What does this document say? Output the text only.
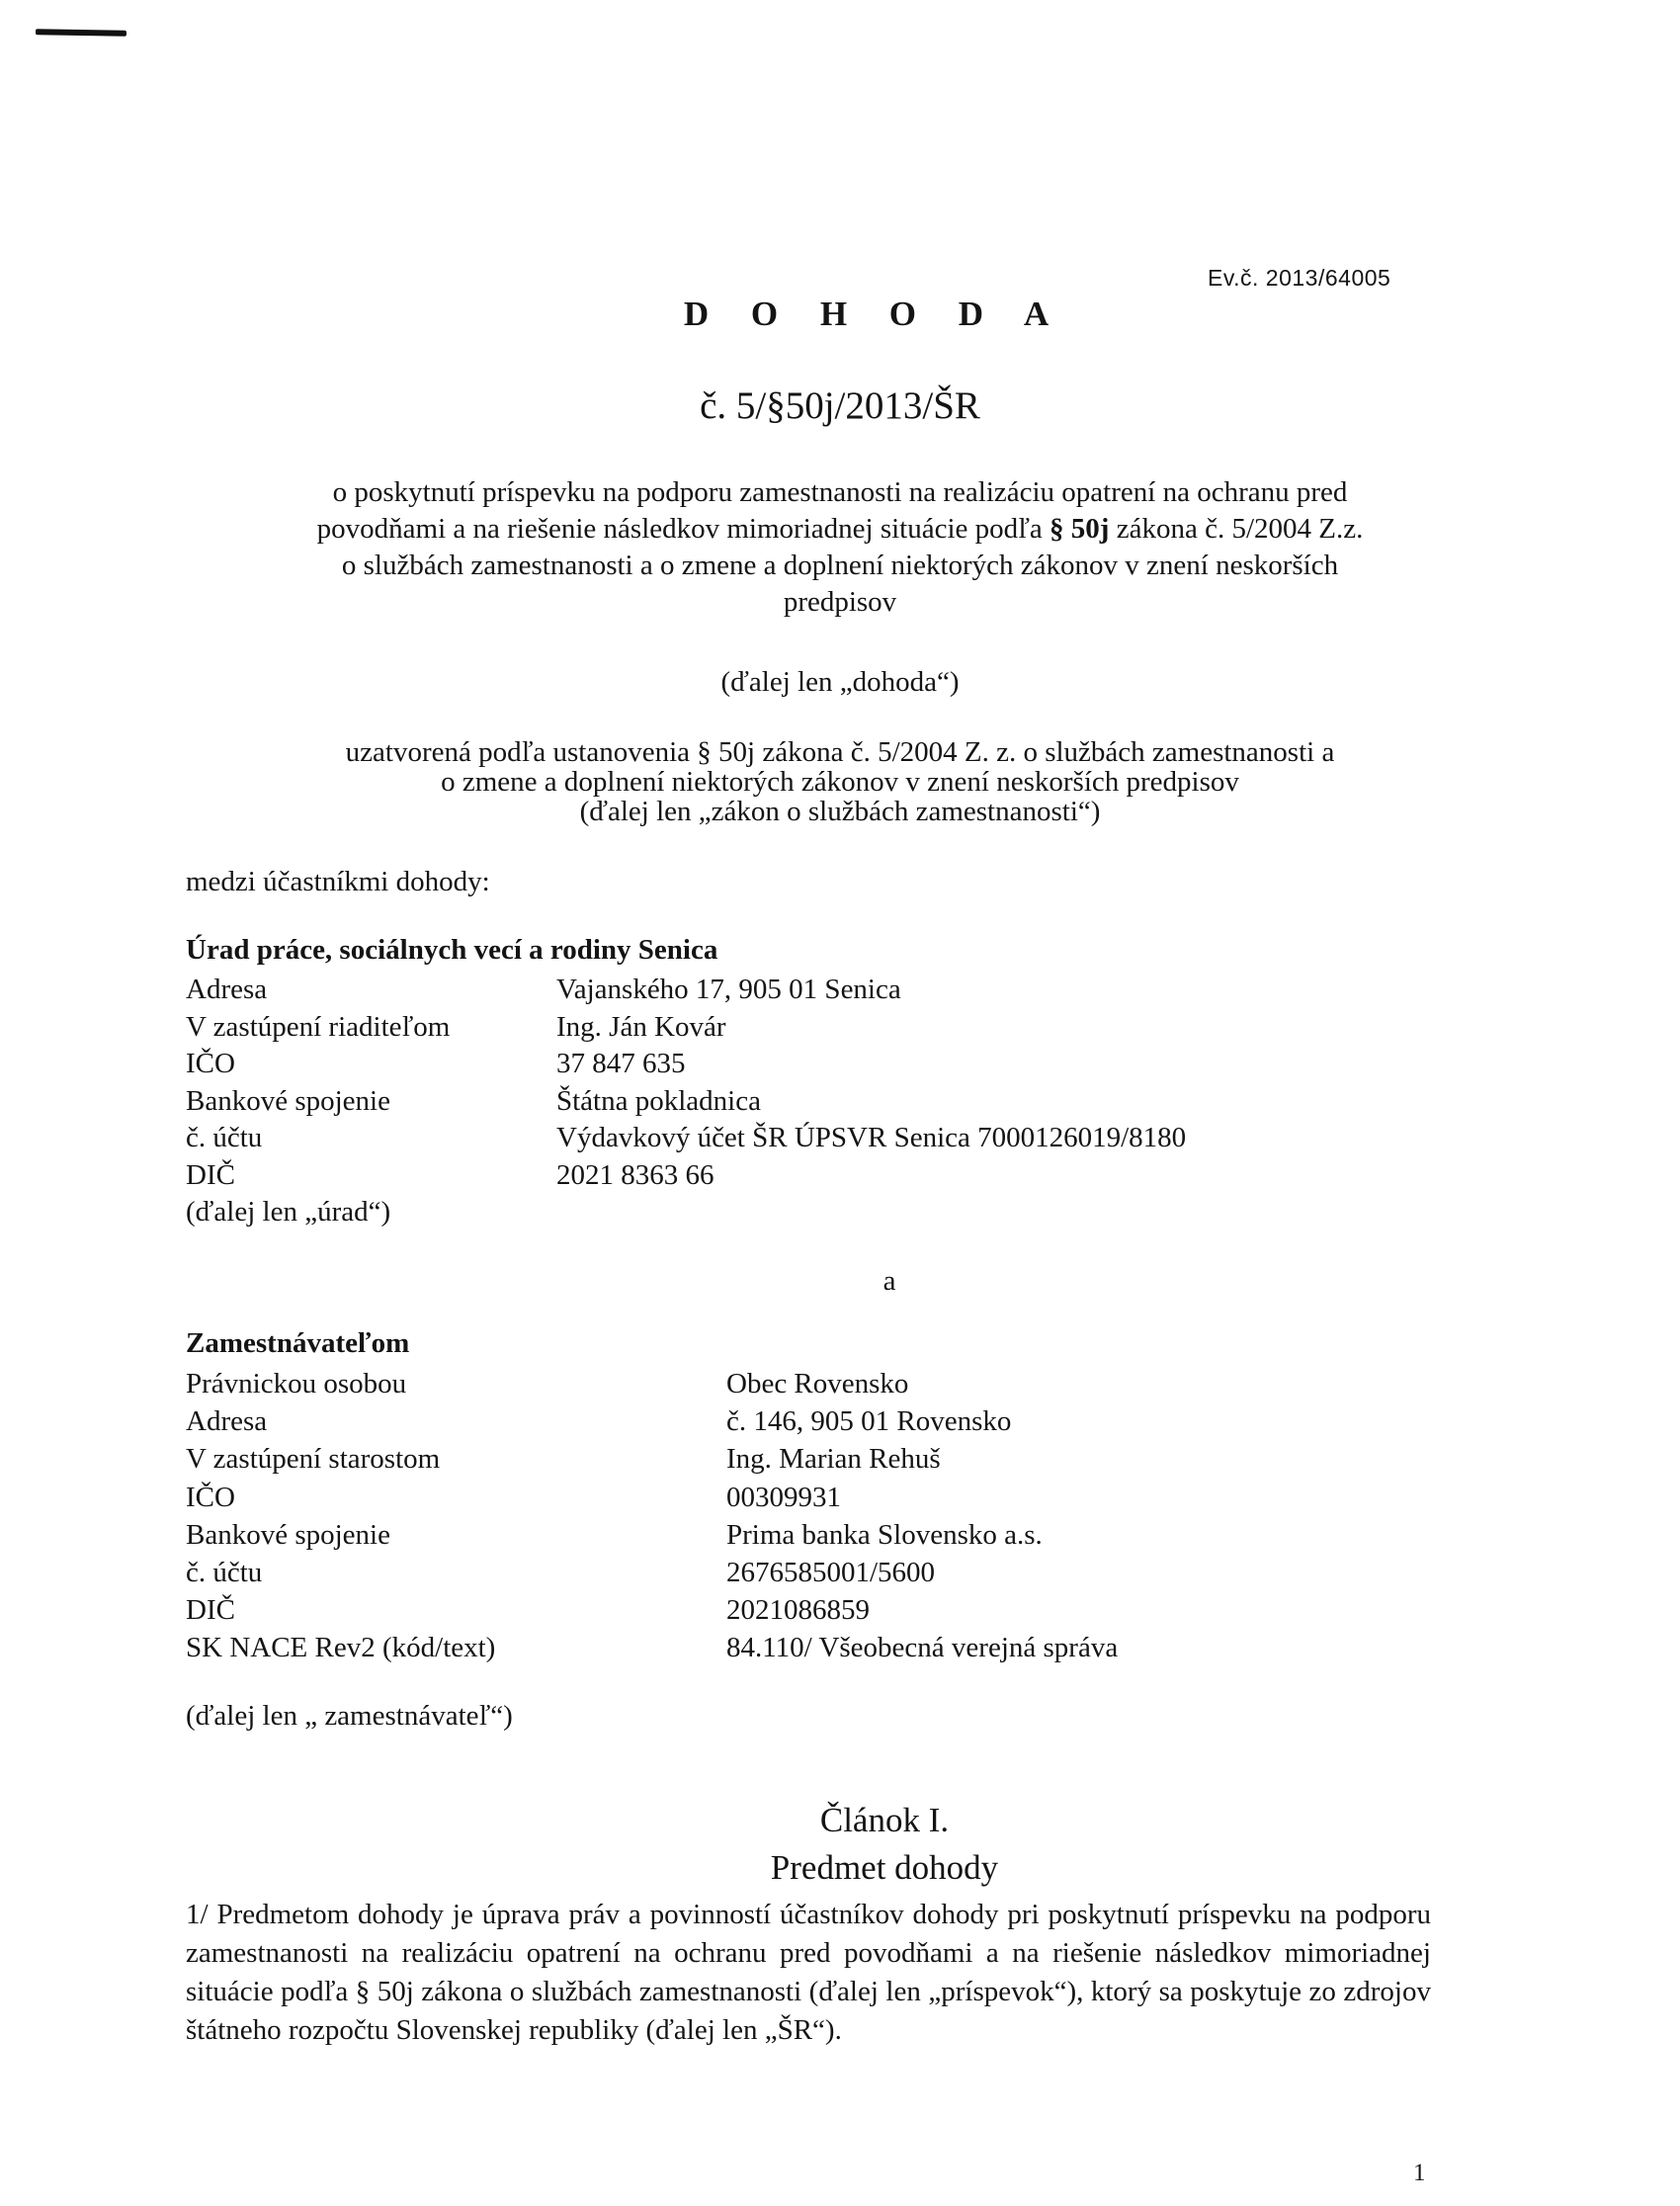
Ev.č. 2013/64005
D O H O D A
č. 5/§50j/2013/ŠR
o poskytnutí príspevku na podporu zamestnanosti na realizáciu opatrení na ochranu pred
povodňami a na riešenie následkov mimoriadnej situácie podľa § 50j zákona č. 5/2004 Z.z.
o službách zamestnanosti a o zmene a doplnení niektorých zákonov v znení neskorších
predpisov
(ďalej len „dohoda“)
uzatvorená podľa ustanovenia § 50j zákona č. 5/2004 Z. z. o službách zamestnanosti a
o zmene a doplnení niektorých zákonov v znení neskorších predpisov
(ďalej len „zákon o službách zamestnanosti“)
medzi účastníkmi dohody:
Úrad práce, sociálnych vecí a rodiny Senica
Adresa	Vajanského 17, 905 01 Senica
V zastúpení riaditeľom	Ing. Ján Kovár
IČO	37 847 635
Bankové spojenie	Štátna pokladnica
č. účtu	Výdavkový účet ŠR ÚPSVR Senica 7000126019/8180
DIČ	2021 8363 66
(ďalej len „úrad“)
a
Zamestnávateľom
Právnickou osobou	Obec Rovensko
Adresa	č. 146, 905 01 Rovensko
V zastúpení starostom	Ing. Marian Rehuš
IČO	00309931
Bankové spojenie	Prima banka Slovensko a.s.
č. účtu	2676585001/5600
DIČ	2021086859
SK NACE Rev2 (kód/text)	84.110/ Všeobecná verejná správa
(ďalej len „ zamestnávateľ“)
Článok I.
Predmet dohody
1/ Predmetom dohody je úprava práv a povinností účastníkov dohody pri poskytnutí príspevku na podporu zamestnanosti na realizáciu opatrení na ochranu pred povodňami a na riešenie následkov mimoriadnej situácie podľa § 50j zákona o službách zamestnanosti (ďalej len „príspevok“), ktorý sa poskytuje zo zdrojov štátneho rozpočtu Slovenskej republiky (ďalej len „ŠR“).
1
